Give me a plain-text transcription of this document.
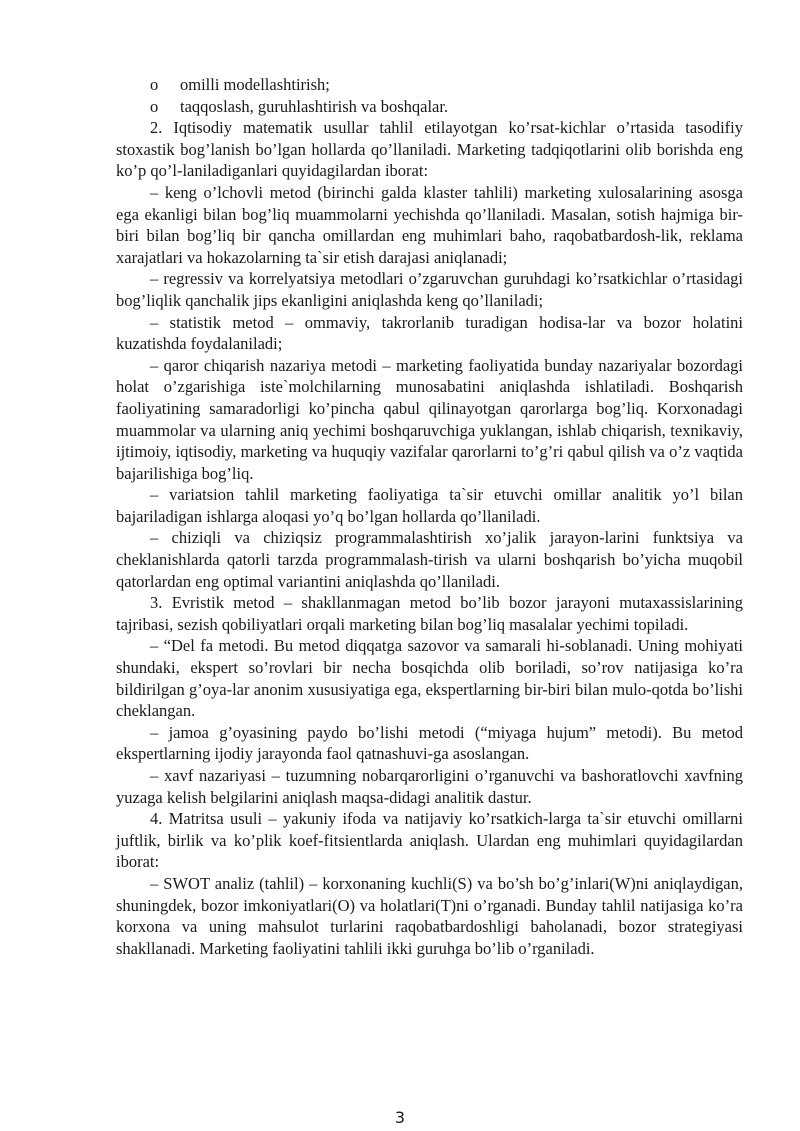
o	omilli modellashtirish;
o	taqqoslash, guruhlashtirish va boshqalar.

2. Iqtisodiy matematik usullar tahlil etilayotgan ko’rsat-kichlar o’rtasida tasodifiy stoxastik bog’lanish bo’lgan hollarda qo’llaniladi. Marketing tadqiqotlarini olib borishda eng ko’p qo’l-laniladiganlari quyidagilardan iborat:

– keng o’lchovli metod (birinchi galda klaster tahlili) marketing xulosalarining asosga ega ekanligi bilan bog’liq muammolarni yechishda qo’llaniladi. Masalan, sotish hajmiga bir-biri bilan bog’liq bir qancha omillardan eng muhimlari baho, raqobatbardosh-lik, reklama xarajatlari va hokazolarning ta`sir etish darajasi aniqlanadi;

– regressiv va korrelyatsiya metodlari o’zgaruvchan guruhdagi ko’rsatkichlar o’rtasidagi bog’liqlik qanchalik jips ekanligini aniqlashda keng qo’llaniladi;

– statistik metod – ommaviy, takrorlanib turadigan hodisa-lar va bozor holatini kuzatishda foydalaniladi;

– qaror chiqarish nazariya metodi – marketing faoliyatida bunday nazariyalar bozordagi holat o’zgarishiga iste`molchilarning munosabatini aniqlashda ishlatiladi. Boshqarish faoliyatining samaradorligi ko’pincha qabul qilinayotgan qarorlarga bog’liq. Korxonadagi muammolar va ularning aniq yechimi boshqaruvchiga yuklangan, ishlab chiqarish, texnikaviy, ijtimoiy, iqtisodiy, marketing va huquqiy vazifalar qarorlarni to’g’ri qabul qilish va o’z vaqtida bajarilishiga bog’liq.

– variatsion tahlil marketing faoliyatiga ta`sir etuvchi omillar analitik yo’l bilan bajariladigan ishlarga aloqasi yo’q bo’lgan hollarda qo’llaniladi.

– chiziqli va chiziqsiz programmalashtirish xo’jalik jarayon-larini funktsiya va cheklanishlarda qatorli tarzda programmalash-tirish va ularni boshqarish bo’yicha muqobil qatorlardan eng optimal variantini aniqlashda qo’llaniladi.

3. Evristik metod – shakllanmagan metod bo’lib bozor jarayoni mutaxassislarining tajribasi, sezish qobiliyatlari orqali marketing bilan bog’liq masalalar yechimi topiladi.

– “Del fa metodi. Bu metod diqqatga sazovor va samarali hi-soblanadi. Uning mohiyati shundaki, ekspert so’rovlari bir necha bosqichda olib boriladi, so’rov natijasiga ko’ra bildirilgan g’oya-lar anonim xususiyatiga ega, ekspertlarning bir-biri bilan mulo-qotda bo’lishi cheklangan.

– jamoa g’oyasining paydo bo’lishi metodi (“miyaga hujum” metodi). Bu metod ekspertlarning ijodiy jarayonda faol qatnashuvi-ga asoslangan.

– xavf nazariyasi – tuzumning nobarqarorligini o’rganuvchi va bashoratlovchi xavfning yuzaga kelish belgilarini aniqlash maqsa-didagi analitik dastur.

4. Matritsa usuli – yakuniy ifoda va natijaviy ko’rsatkich-larga ta`sir etuvchi omillarni juftlik, birlik va ko’plik koef-fitsientlarda aniqlash. Ulardan eng muhimlari quyidagilardan iborat:

– SWOT analiz (tahlil) – korxonaning kuchli(S) va bo’sh bo’g’inlari(W)ni aniqlaydigan, shuningdek, bozor imkoniyatlari(O) va holatlari(T)ni o’rganadi. Bunday tahlil natijasiga ko’ra korxona va uning mahsulot turlarini raqobatbardoshligi baholanadi, bozor strategiyasi shakllanadi. Marketing faoliyatini tahlili ikki guruhga bo’lib o’rganiladi.

3
